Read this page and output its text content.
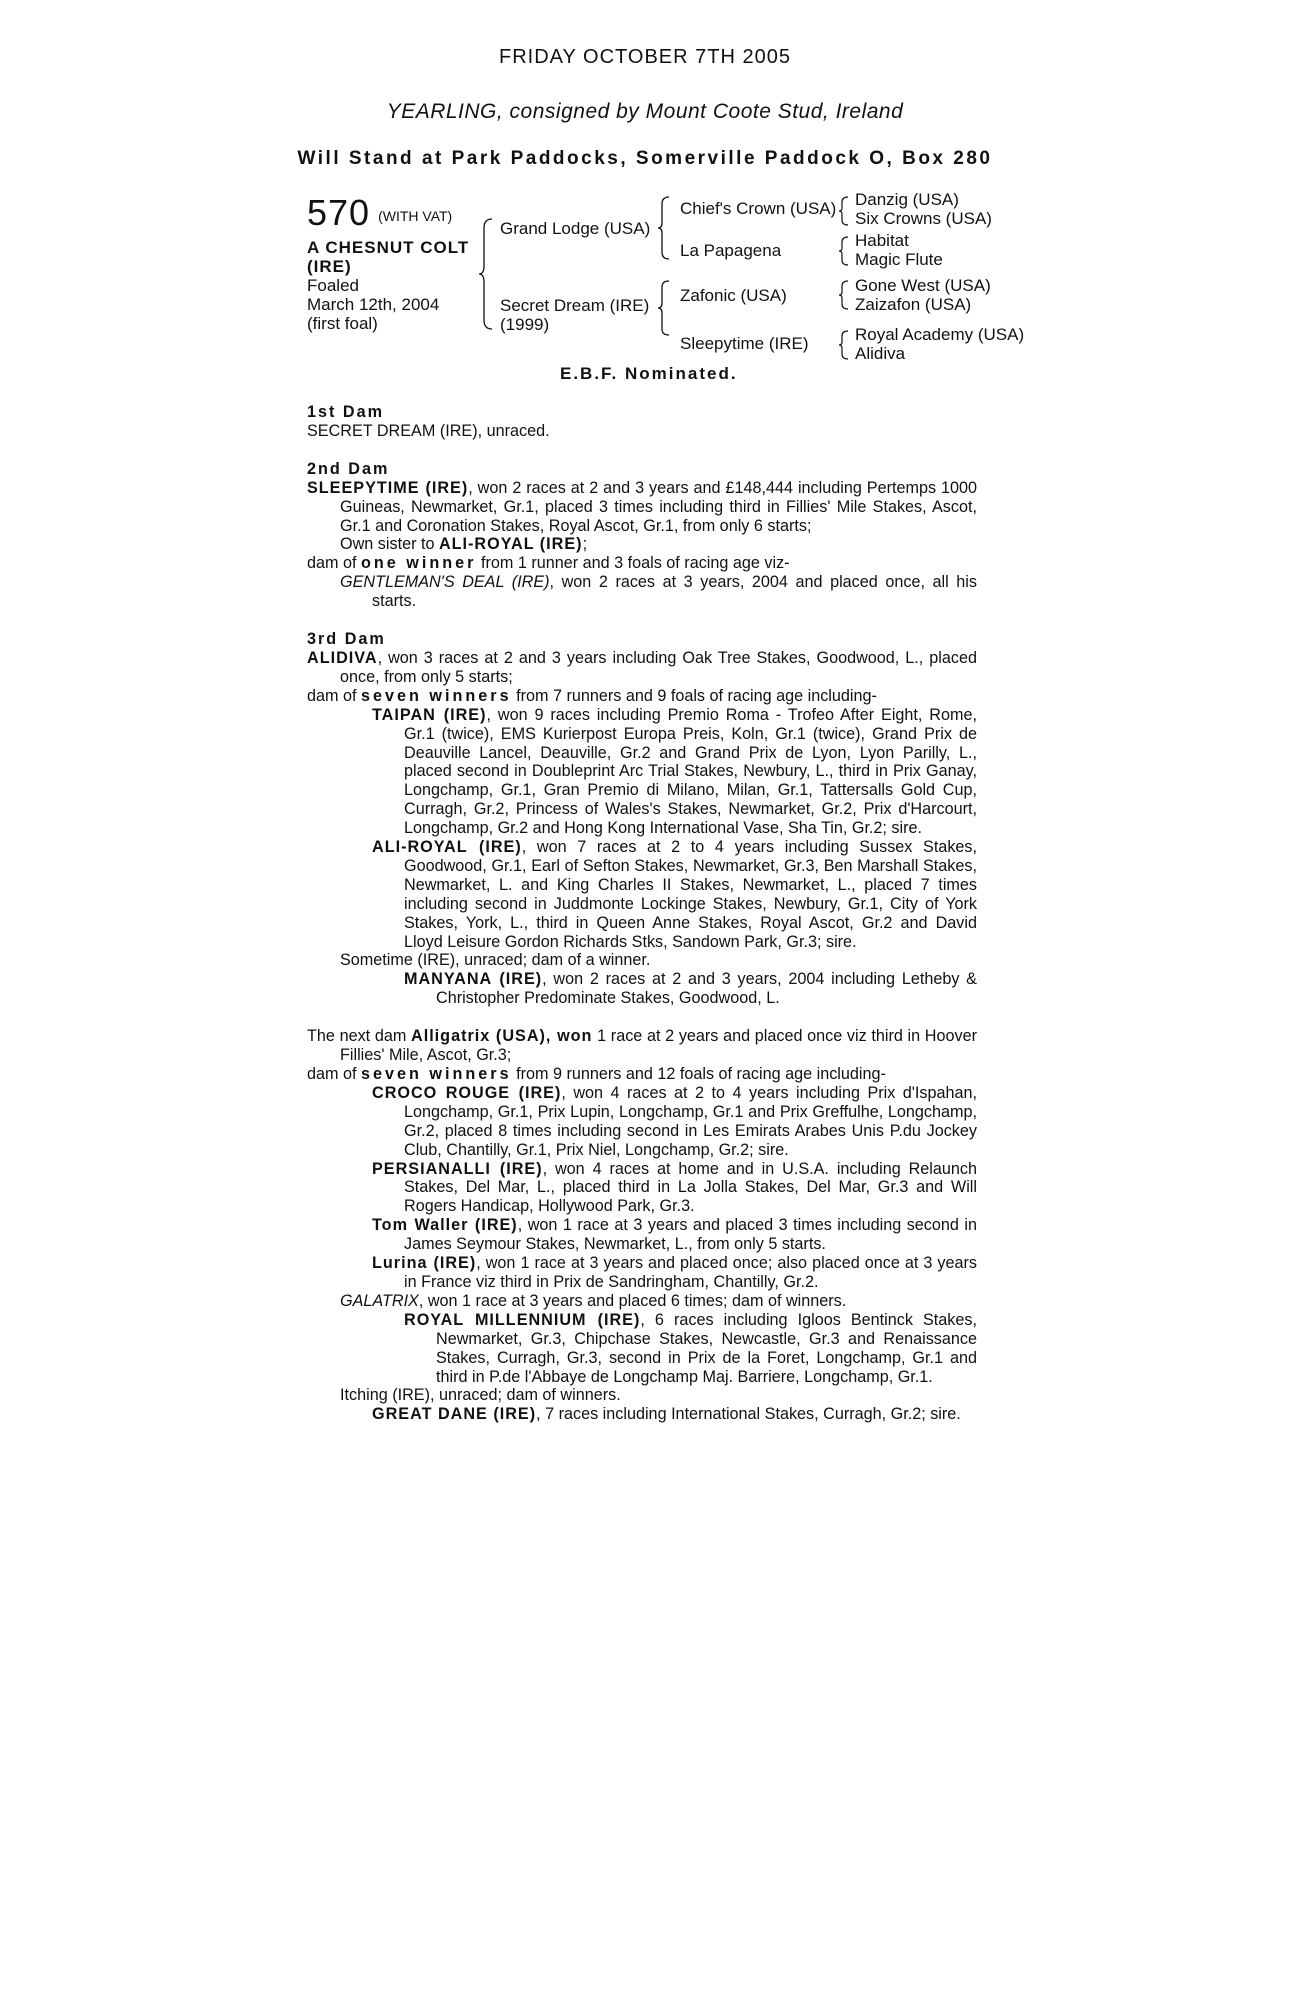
FRIDAY OCTOBER 7TH 2005
YEARLING, consigned by Mount Coote Stud, Ireland
Will Stand at Park Paddocks, Somerville Paddock O, Box 280
570 (WITH VAT)
A CHESNUT COLT
(IRE)
Foaled
March 12th, 2004
(first foal)
Grand Lodge (USA)
Secret Dream (IRE)
(1999)
Chief's Crown (USA)
La Papagena
Zafonic (USA)
Sleepytime (IRE)
Danzig (USA)
Six Crowns (USA)
Habitat
Magic Flute
Gone West (USA)
Zaizafon (USA)
Royal Academy (USA)
Alidiva
E.B.F. Nominated.

1st Dam

SECRET DREAM (IRE), unraced.

2nd Dam

SLEEPYTIME (IRE), won 2 races at 2 and 3 years and £148,444 including Pertemps 1000 Guineas, Newmarket, Gr.1, placed 3 times including third in Fillies' Mile Stakes, Ascot, Gr.1 and Coronation Stakes, Royal Ascot, Gr.1, from only 6 starts;
Own sister to ALI-ROYAL (IRE);

dam of one winner from 1 runner and 3 foals of racing age viz-

GENTLEMAN'S DEAL (IRE), won 2 races at 3 years, 2004 and placed once, all his starts.

3rd Dam

ALIDIVA, won 3 races at 2 and 3 years including Oak Tree Stakes, Goodwood, L., placed once, from only 5 starts;

dam of seven winners from 7 runners and 9 foals of racing age including-

TAIPAN (IRE), won 9 races including Premio Roma - Trofeo After Eight, Rome, Gr.1 (twice), EMS Kurierpost Europa Preis, Koln, Gr.1 (twice), Grand Prix de Deauville Lancel, Deauville, Gr.2 and Grand Prix de Lyon, Lyon Parilly, L., placed second in Doubleprint Arc Trial Stakes, Newbury, L., third in Prix Ganay, Longchamp, Gr.1, Gran Premio di Milano, Milan, Gr.1, Tattersalls Gold Cup, Curragh, Gr.2, Princess of Wales's Stakes, Newmarket, Gr.2, Prix d'Harcourt, Longchamp, Gr.2 and Hong Kong International Vase, Sha Tin, Gr.2; sire.

ALI-ROYAL (IRE), won 7 races at 2 to 4 years including Sussex Stakes, Goodwood, Gr.1, Earl of Sefton Stakes, Newmarket, Gr.3, Ben Marshall Stakes, Newmarket, L. and King Charles II Stakes, Newmarket, L., placed 7 times including second in Juddmonte Lockinge Stakes, Newbury, Gr.1, City of York Stakes, York, L., third in Queen Anne Stakes, Royal Ascot, Gr.2 and David Lloyd Leisure Gordon Richards Stks, Sandown Park, Gr.3; sire.

Sometime (IRE), unraced; dam of a winner.

MANYANA (IRE), won 2 races at 2 and 3 years, 2004 including Letheby & Christopher Predominate Stakes, Goodwood, L.

The next dam Alligatrix (USA), won 1 race at 2 years and placed once viz third in Hoover Fillies' Mile, Ascot, Gr.3;

dam of seven winners from 9 runners and 12 foals of racing age including-

CROCO ROUGE (IRE), won 4 races at 2 to 4 years including Prix d'Ispahan, Longchamp, Gr.1, Prix Lupin, Longchamp, Gr.1 and Prix Greffulhe, Longchamp, Gr.2, placed 8 times including second in Les Emirats Arabes Unis P.du Jockey Club, Chantilly, Gr.1, Prix Niel, Longchamp, Gr.2; sire.

PERSIANALLI (IRE), won 4 races at home and in U.S.A. including Relaunch Stakes, Del Mar, L., placed third in La Jolla Stakes, Del Mar, Gr.3 and Will Rogers Handicap, Hollywood Park, Gr.3.

Tom Waller (IRE), won 1 race at 3 years and placed 3 times including second in James Seymour Stakes, Newmarket, L., from only 5 starts.

Lurina (IRE), won 1 race at 3 years and placed once; also placed once at 3 years in France viz third in Prix de Sandringham, Chantilly, Gr.2.

GALATRIX, won 1 race at 3 years and placed 6 times; dam of winners.

ROYAL MILLENNIUM (IRE), 6 races including Igloos Bentinck Stakes, Newmarket, Gr.3, Chipchase Stakes, Newcastle, Gr.3 and Renaissance Stakes, Curragh, Gr.3, second in Prix de la Foret, Longchamp, Gr.1 and third in P.de l'Abbaye de Longchamp Maj. Barriere, Longchamp, Gr.1.

Itching (IRE), unraced; dam of winners.

GREAT DANE (IRE), 7 races including International Stakes, Curragh, Gr.2; sire.
